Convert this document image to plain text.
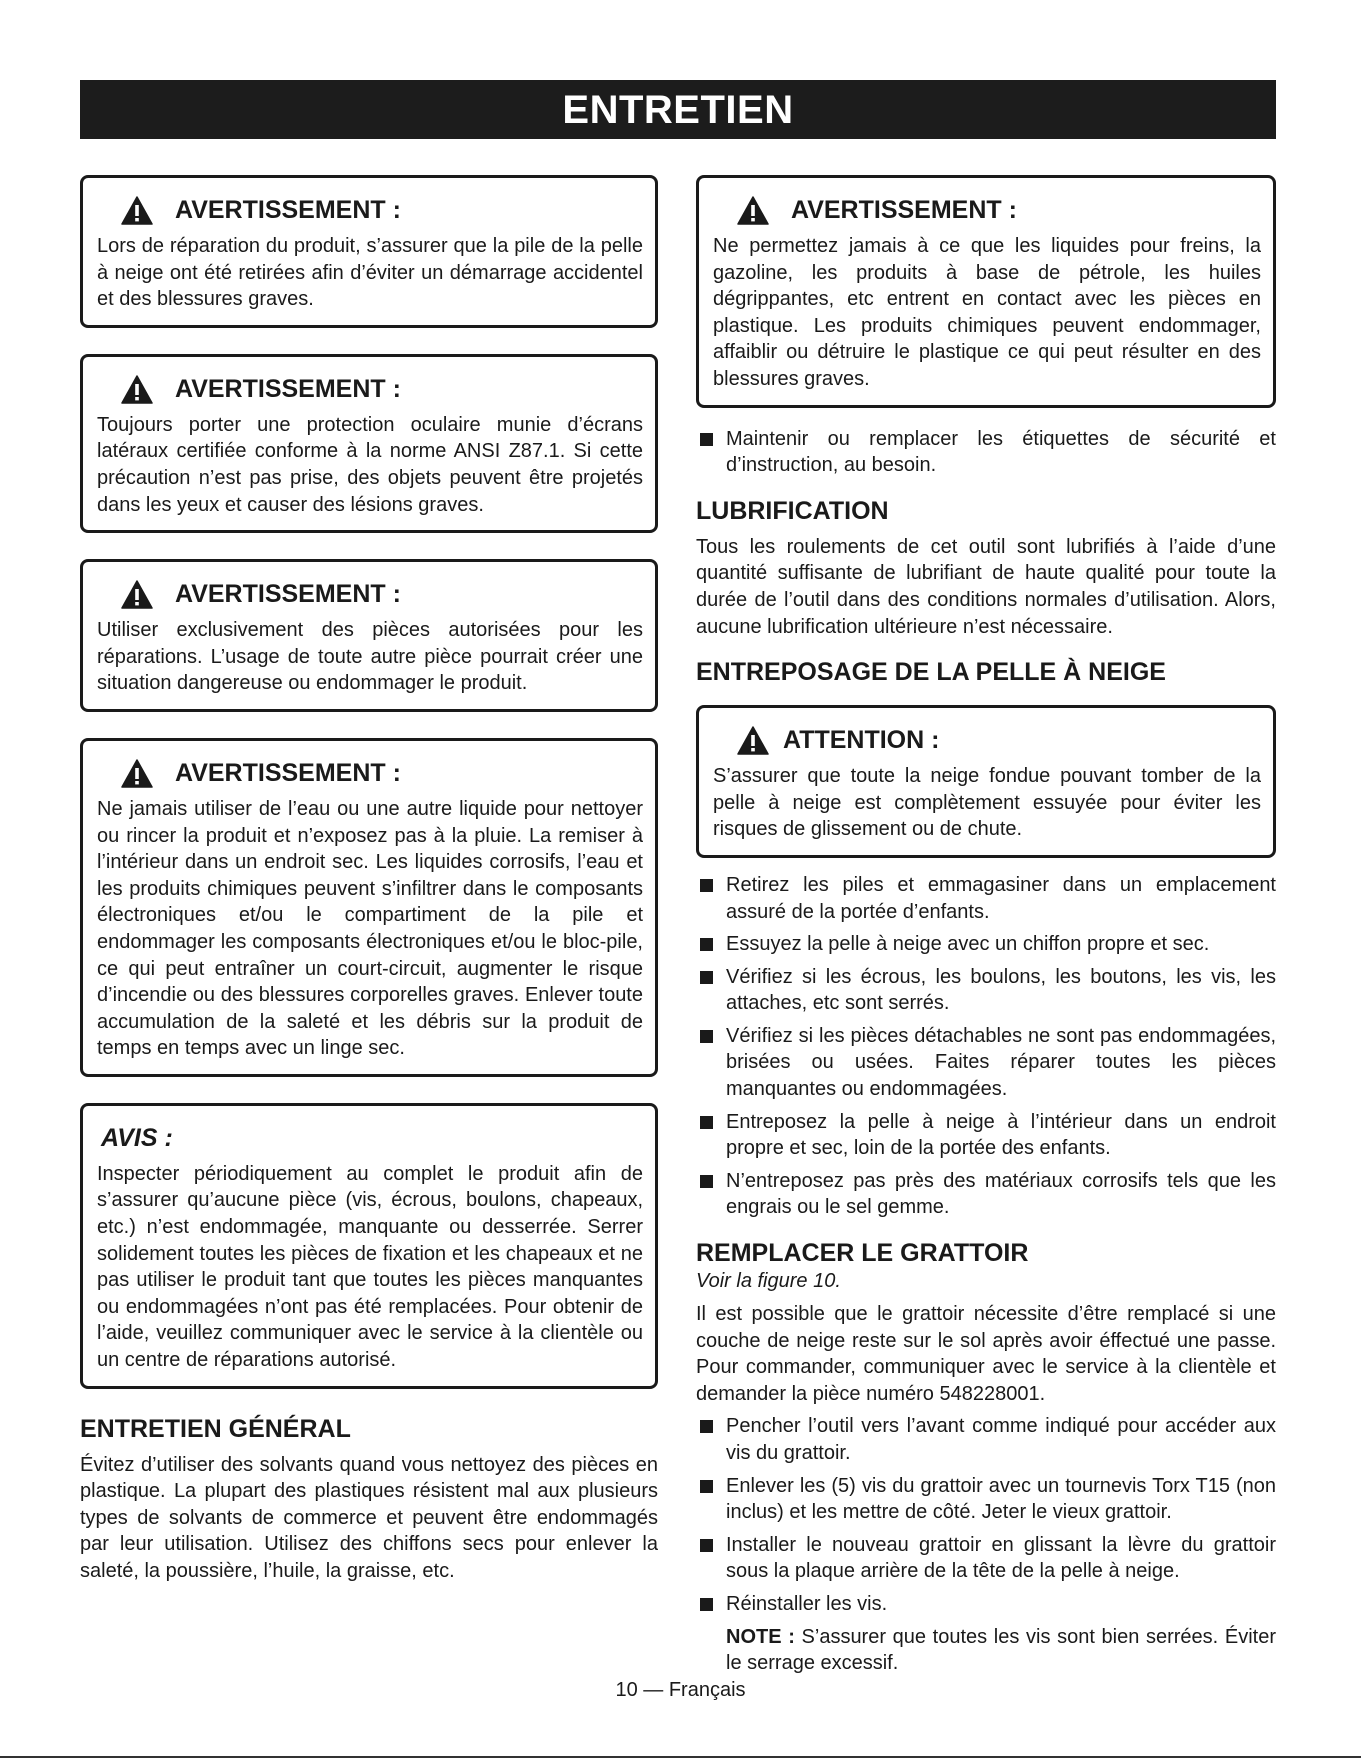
ENTRETIEN
AVERTISSEMENT :

Lors de réparation du produit, s’assurer que la pile de la pelle à neige ont été retirées afin d’éviter un démarrage accidentel et des blessures graves.

AVERTISSEMENT :

Toujours porter une protection oculaire munie d’écrans latéraux certifiée conforme à la norme ANSI Z87.1. Si cette précaution n’est pas prise, des objets peuvent être projetés dans les yeux et causer des lésions graves.

AVERTISSEMENT :

Utiliser exclusivement des pièces autorisées pour les réparations. L’usage de toute autre pièce pourrait créer une situation dangereuse ou endommager le produit.

AVERTISSEMENT :

Ne jamais utiliser de l’eau ou une autre liquide pour nettoyer ou rincer la produit et n’exposez pas à la pluie. La remiser à l’intérieur dans un endroit sec. Les liquides corrosifs, l’eau et les produits chimiques peuvent s’infiltrer dans le composants électroniques et/ou le compartiment de la pile et endommager les composants électroniques et/ou le bloc-pile, ce qui peut entraîner un court-circuit, augmenter le risque d’incendie ou des blessures corporelles graves. Enlever toute accumulation de la saleté et les débris sur la produit de temps en temps avec un linge sec.

AVIS :

Inspecter périodiquement au complet le produit afin de s’assurer qu’aucune pièce (vis, écrous, boulons, chapeaux, etc.) n’est endommagée, manquante ou desserrée. Serrer solidement toutes les pièces de fixation et les chapeaux et ne pas utiliser le produit tant que toutes les pièces manquantes ou endommagées n’ont pas été remplacées. Pour obtenir de l’aide, veuillez communiquer avec le service à la clientèle ou un centre de réparations autorisé.

ENTRETIEN GÉNÉRAL

Évitez d’utiliser des solvants quand vous nettoyez des pièces en plastique. La plupart des plastiques résistent mal aux plusieurs types de solvants de commerce et peuvent être endommagés par leur utilisation. Utilisez des chiffons secs pour enlever la saleté, la poussière, l’huile, la graisse, etc.

AVERTISSEMENT :

Ne permettez jamais à ce que les liquides pour freins, la gazoline, les produits à base de pétrole, les huiles dégrippantes, etc entrent en contact avec les pièces en plastique. Les produits chimiques peuvent endommager, affaiblir ou détruire le plastique ce qui peut résulter en des blessures graves.

Maintenir ou remplacer les étiquettes de sécurité et d’instruction, au besoin.
LUBRIFICATION

Tous les roulements de cet outil sont lubrifiés à l’aide d’une quantité suffisante de lubrifiant de haute qualité pour toute la durée de l’outil dans des conditions normales d’utilisation. Alors, aucune lubrification ultérieure n’est nécessaire.

ENTREPOSAGE DE LA PELLE À NEIGE
ATTENTION :

S’assurer que toute la neige fondue pouvant tomber de la pelle à neige est complètement essuyée pour éviter les risques de glissement ou de chute.

Retirez les piles et emmagasiner dans un emplacement assuré de la portée d’enfants.
Essuyez la pelle à neige avec un chiffon propre et sec.
Vérifiez si les écrous, les boulons, les boutons, les vis, les attaches, etc sont serrés.
Vérifiez si les pièces détachables ne sont pas endommagées, brisées ou usées. Faites réparer toutes les pièces manquantes ou endommagées.
Entreposez la pelle à neige à l’intérieur dans un endroit propre et sec, loin de la portée des enfants.
N’entreposez pas près des matériaux corrosifs tels que les engrais ou le sel gemme.
REMPLACER LE GRATTOIR

Voir la figure 10.

Il est possible que le grattoir nécessite d’être remplacé si une couche de neige reste sur le sol après avoir éffectué une passe. Pour commander, communiquer avec le service à la clientèle et demander la pièce numéro 548228001.

Pencher l’outil vers l’avant comme indiqué pour accéder aux vis du grattoir.
Enlever les (5) vis du grattoir avec un tournevis Torx T15 (non inclus) et les mettre de côté. Jeter le vieux grattoir.
Installer le nouveau grattoir en glissant la lèvre du grattoir sous la plaque arrière de la tête de la pelle à neige.
Réinstaller les vis.
NOTE : S’assurer que toutes les vis sont bien serrées. Éviter le serrage excessif.
10 — Français
